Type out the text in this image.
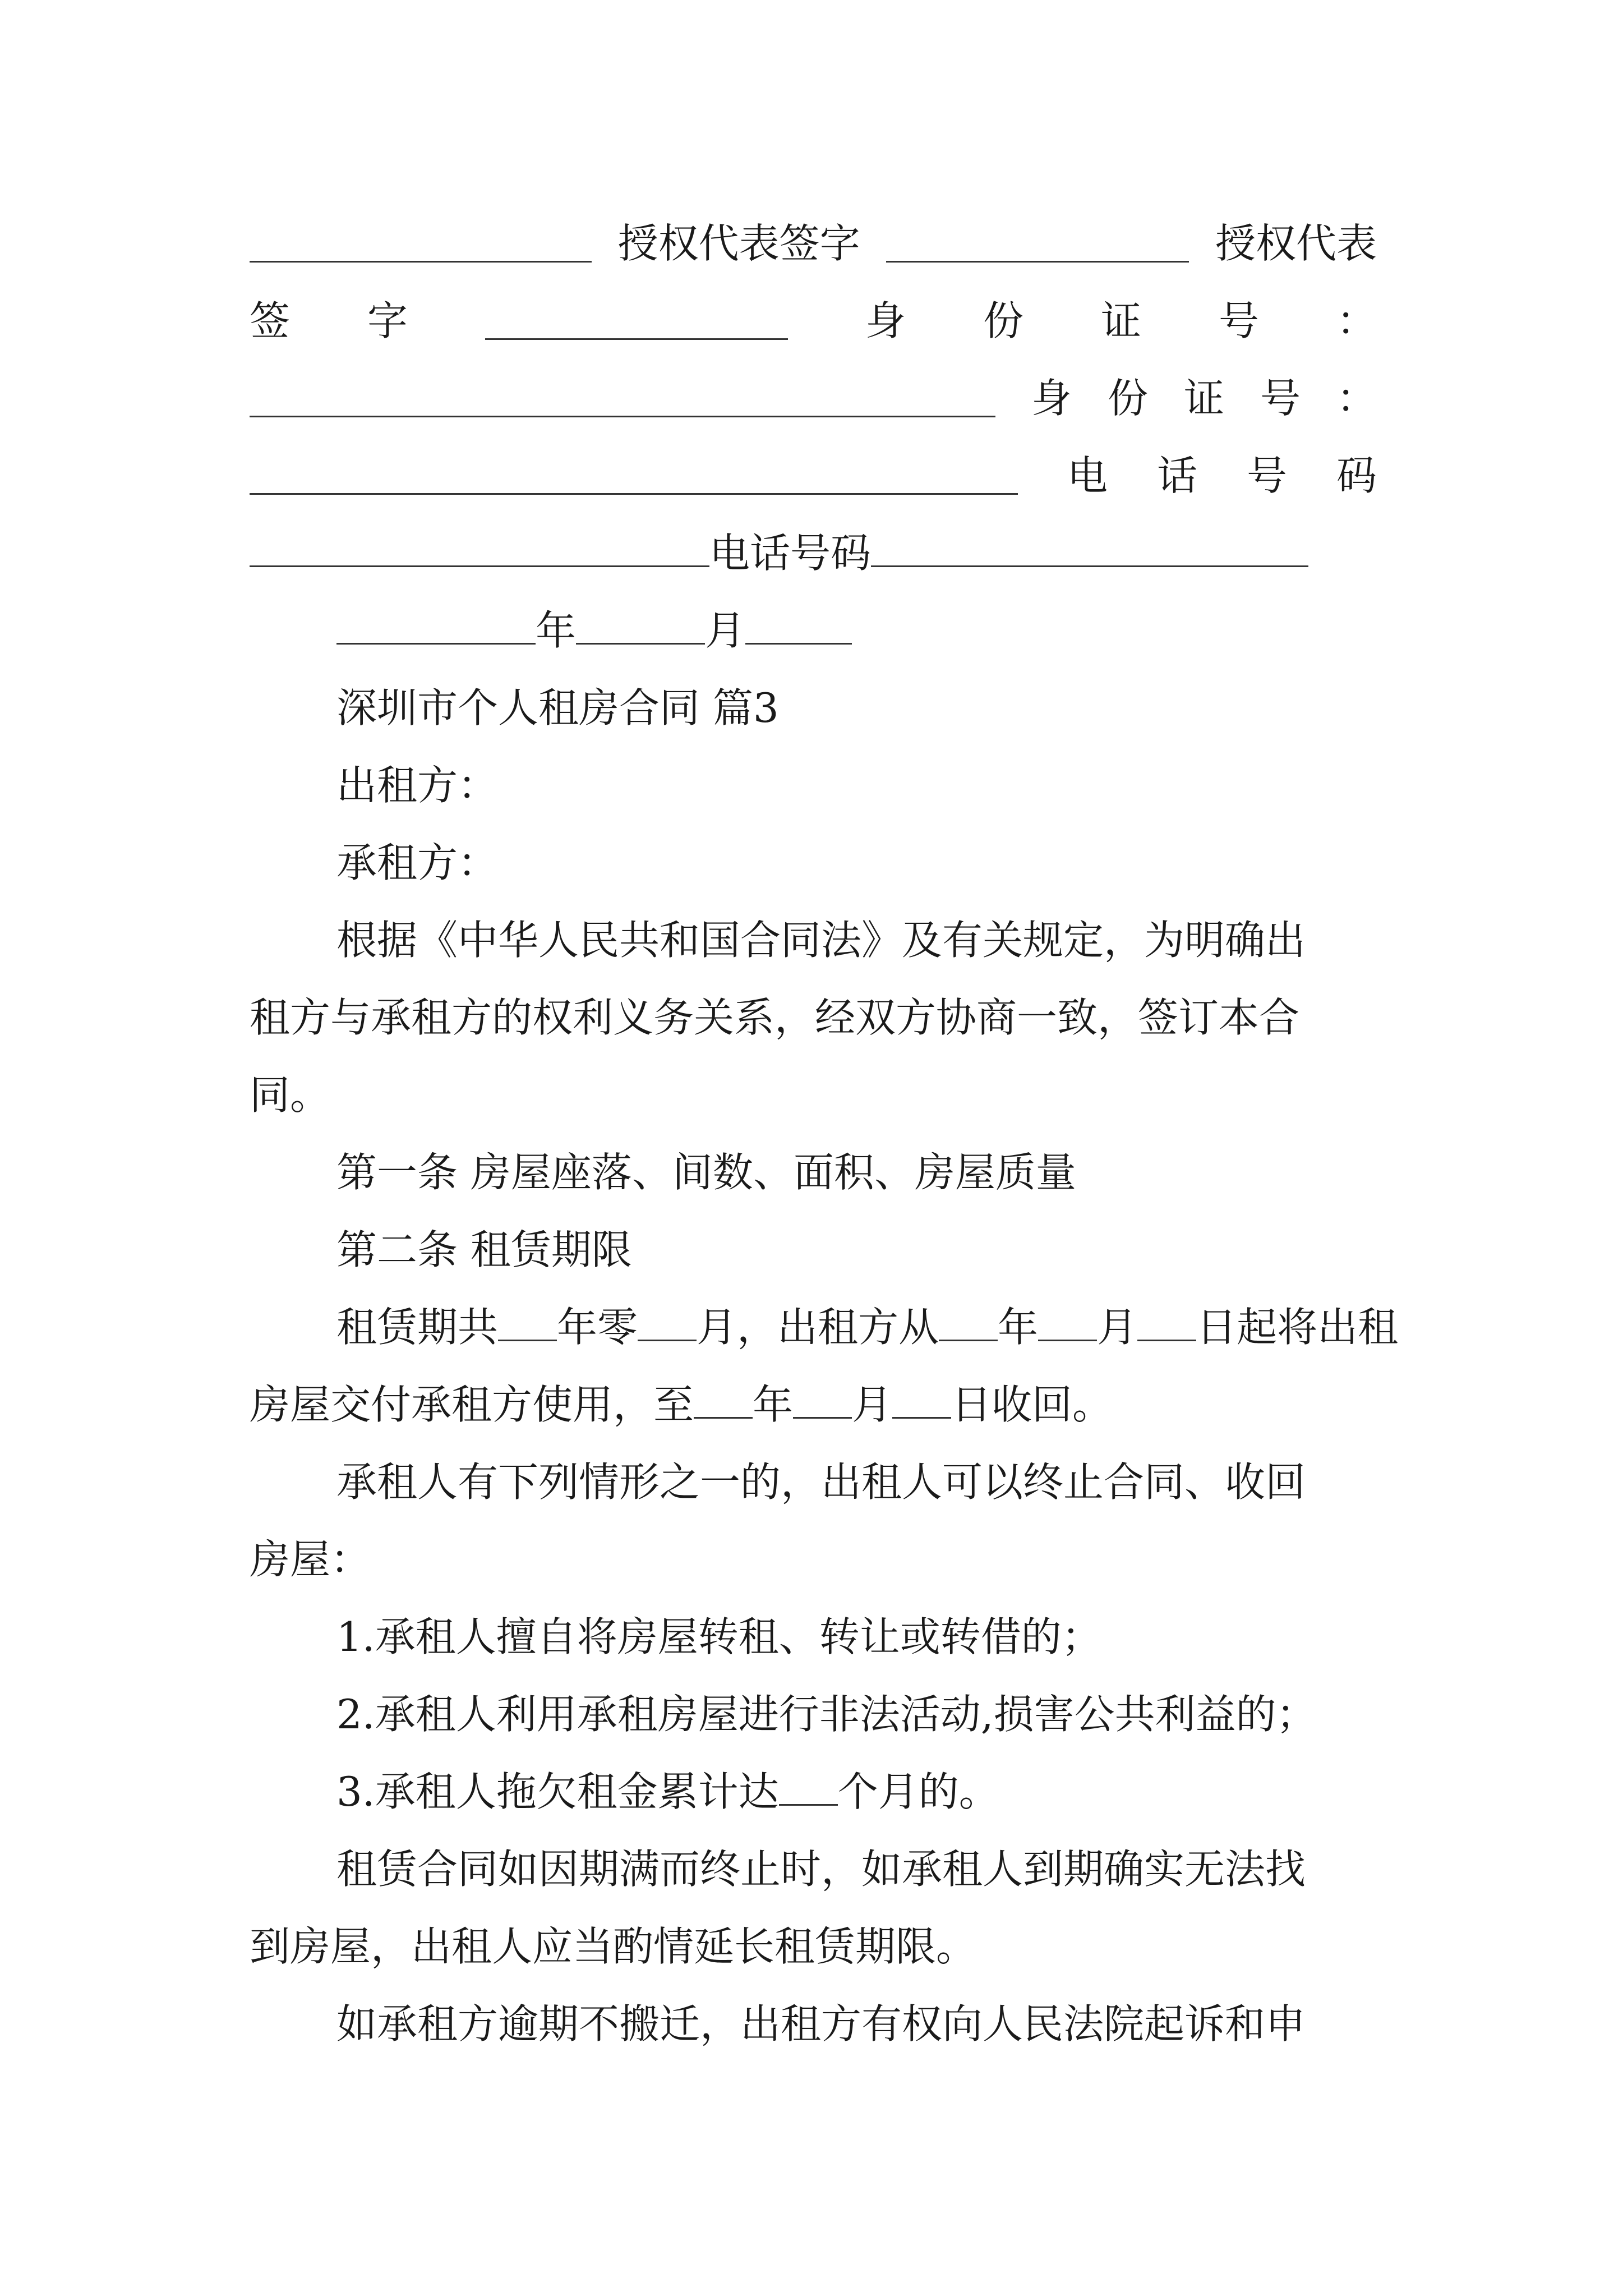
授权代表签字	授权代表
签 字	身 份 证 号 ：
身 份 证 号 ：
电 话 号 码
电话号码
年	月
深圳市个人租房合同 篇3
出租方：
承租方：
根据《中华人民共和国合同法》及有关规定，为明确出
租方与承租方的权利义务关系，经双方协商一致，签订本合
同。
第一条 房屋座落、间数、面积、房屋质量
第二条 租赁期限
租赁期共 年零 月，出租方从 年 月 日起将出租
房屋交付承租方使用，至 年 月 日收回。
承租人有下列情形之一的，出租人可以终止合同、收回
房屋：
1.承租人擅自将房屋转租、转让或转借的；
2.承租人利用承租房屋进行非法活动,损害公共利益的；
3.承租人拖欠租金累计达 个月的。
租赁合同如因期满而终止时，如承租人到期确实无法找
到房屋，出租人应当酌情延长租赁期限。
如承租方逾期不搬迁，出租方有权向人民法院起诉和申
